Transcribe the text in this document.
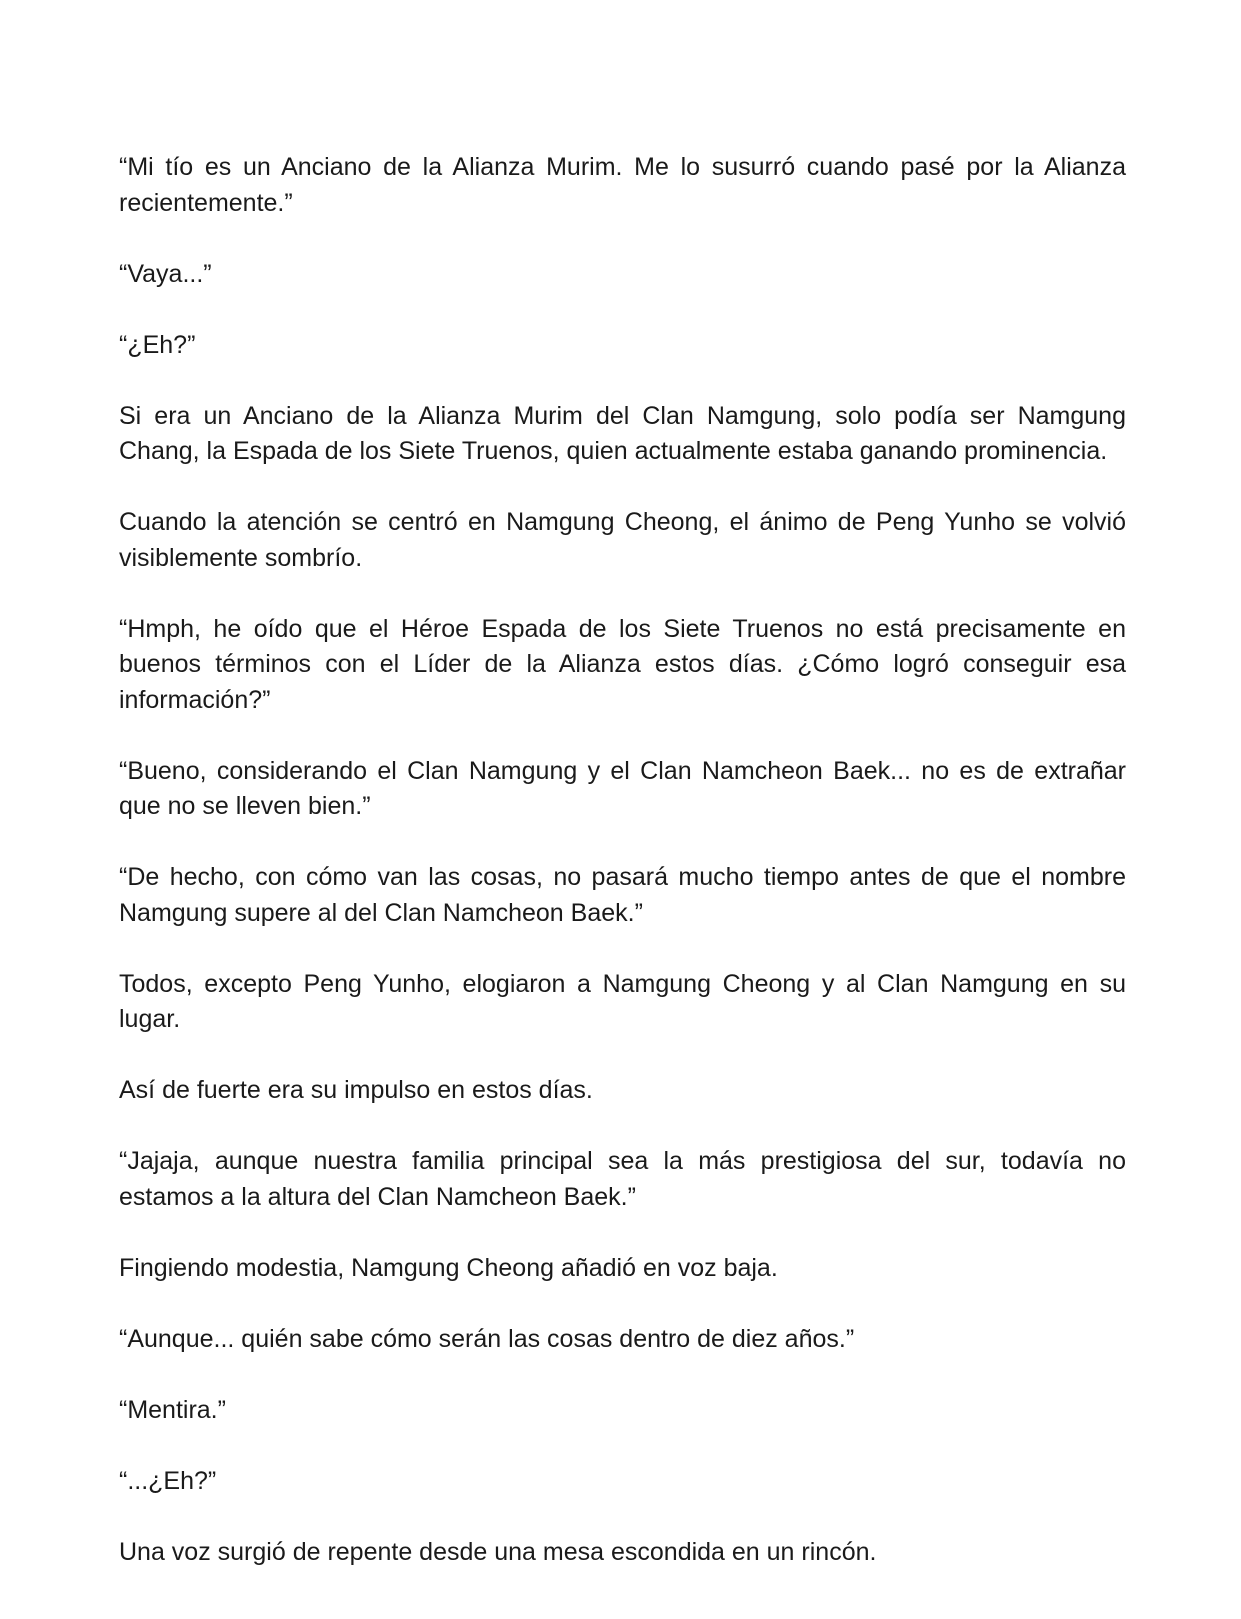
“Mi tío es un Anciano de la Alianza Murim. Me lo susurró cuando pasé por la Alianza recientemente.”

“Vaya...”

“¿Eh?”

Si era un Anciano de la Alianza Murim del Clan Namgung, solo podía ser Namgung Chang, la Espada de los Siete Truenos, quien actualmente estaba ganando prominencia.

Cuando la atención se centró en Namgung Cheong, el ánimo de Peng Yunho se volvió visiblemente sombrío.

“Hmph, he oído que el Héroe Espada de los Siete Truenos no está precisamente en buenos términos con el Líder de la Alianza estos días. ¿Cómo logró conseguir esa información?”

“Bueno, considerando el Clan Namgung y el Clan Namcheon Baek... no es de extrañar que no se lleven bien.”

“De hecho, con cómo van las cosas, no pasará mucho tiempo antes de que el nombre Namgung supere al del Clan Namcheon Baek.”

Todos, excepto Peng Yunho, elogiaron a Namgung Cheong y al Clan Namgung en su lugar.

Así de fuerte era su impulso en estos días.

“Jajaja, aunque nuestra familia principal sea la más prestigiosa del sur, todavía no estamos a la altura del Clan Namcheon Baek.”

Fingiendo modestia, Namgung Cheong añadió en voz baja.

“Aunque... quién sabe cómo serán las cosas dentro de diez años.”

“Mentira.”

“...¿Eh?”

Una voz surgió de repente desde una mesa escondida en un rincón.
